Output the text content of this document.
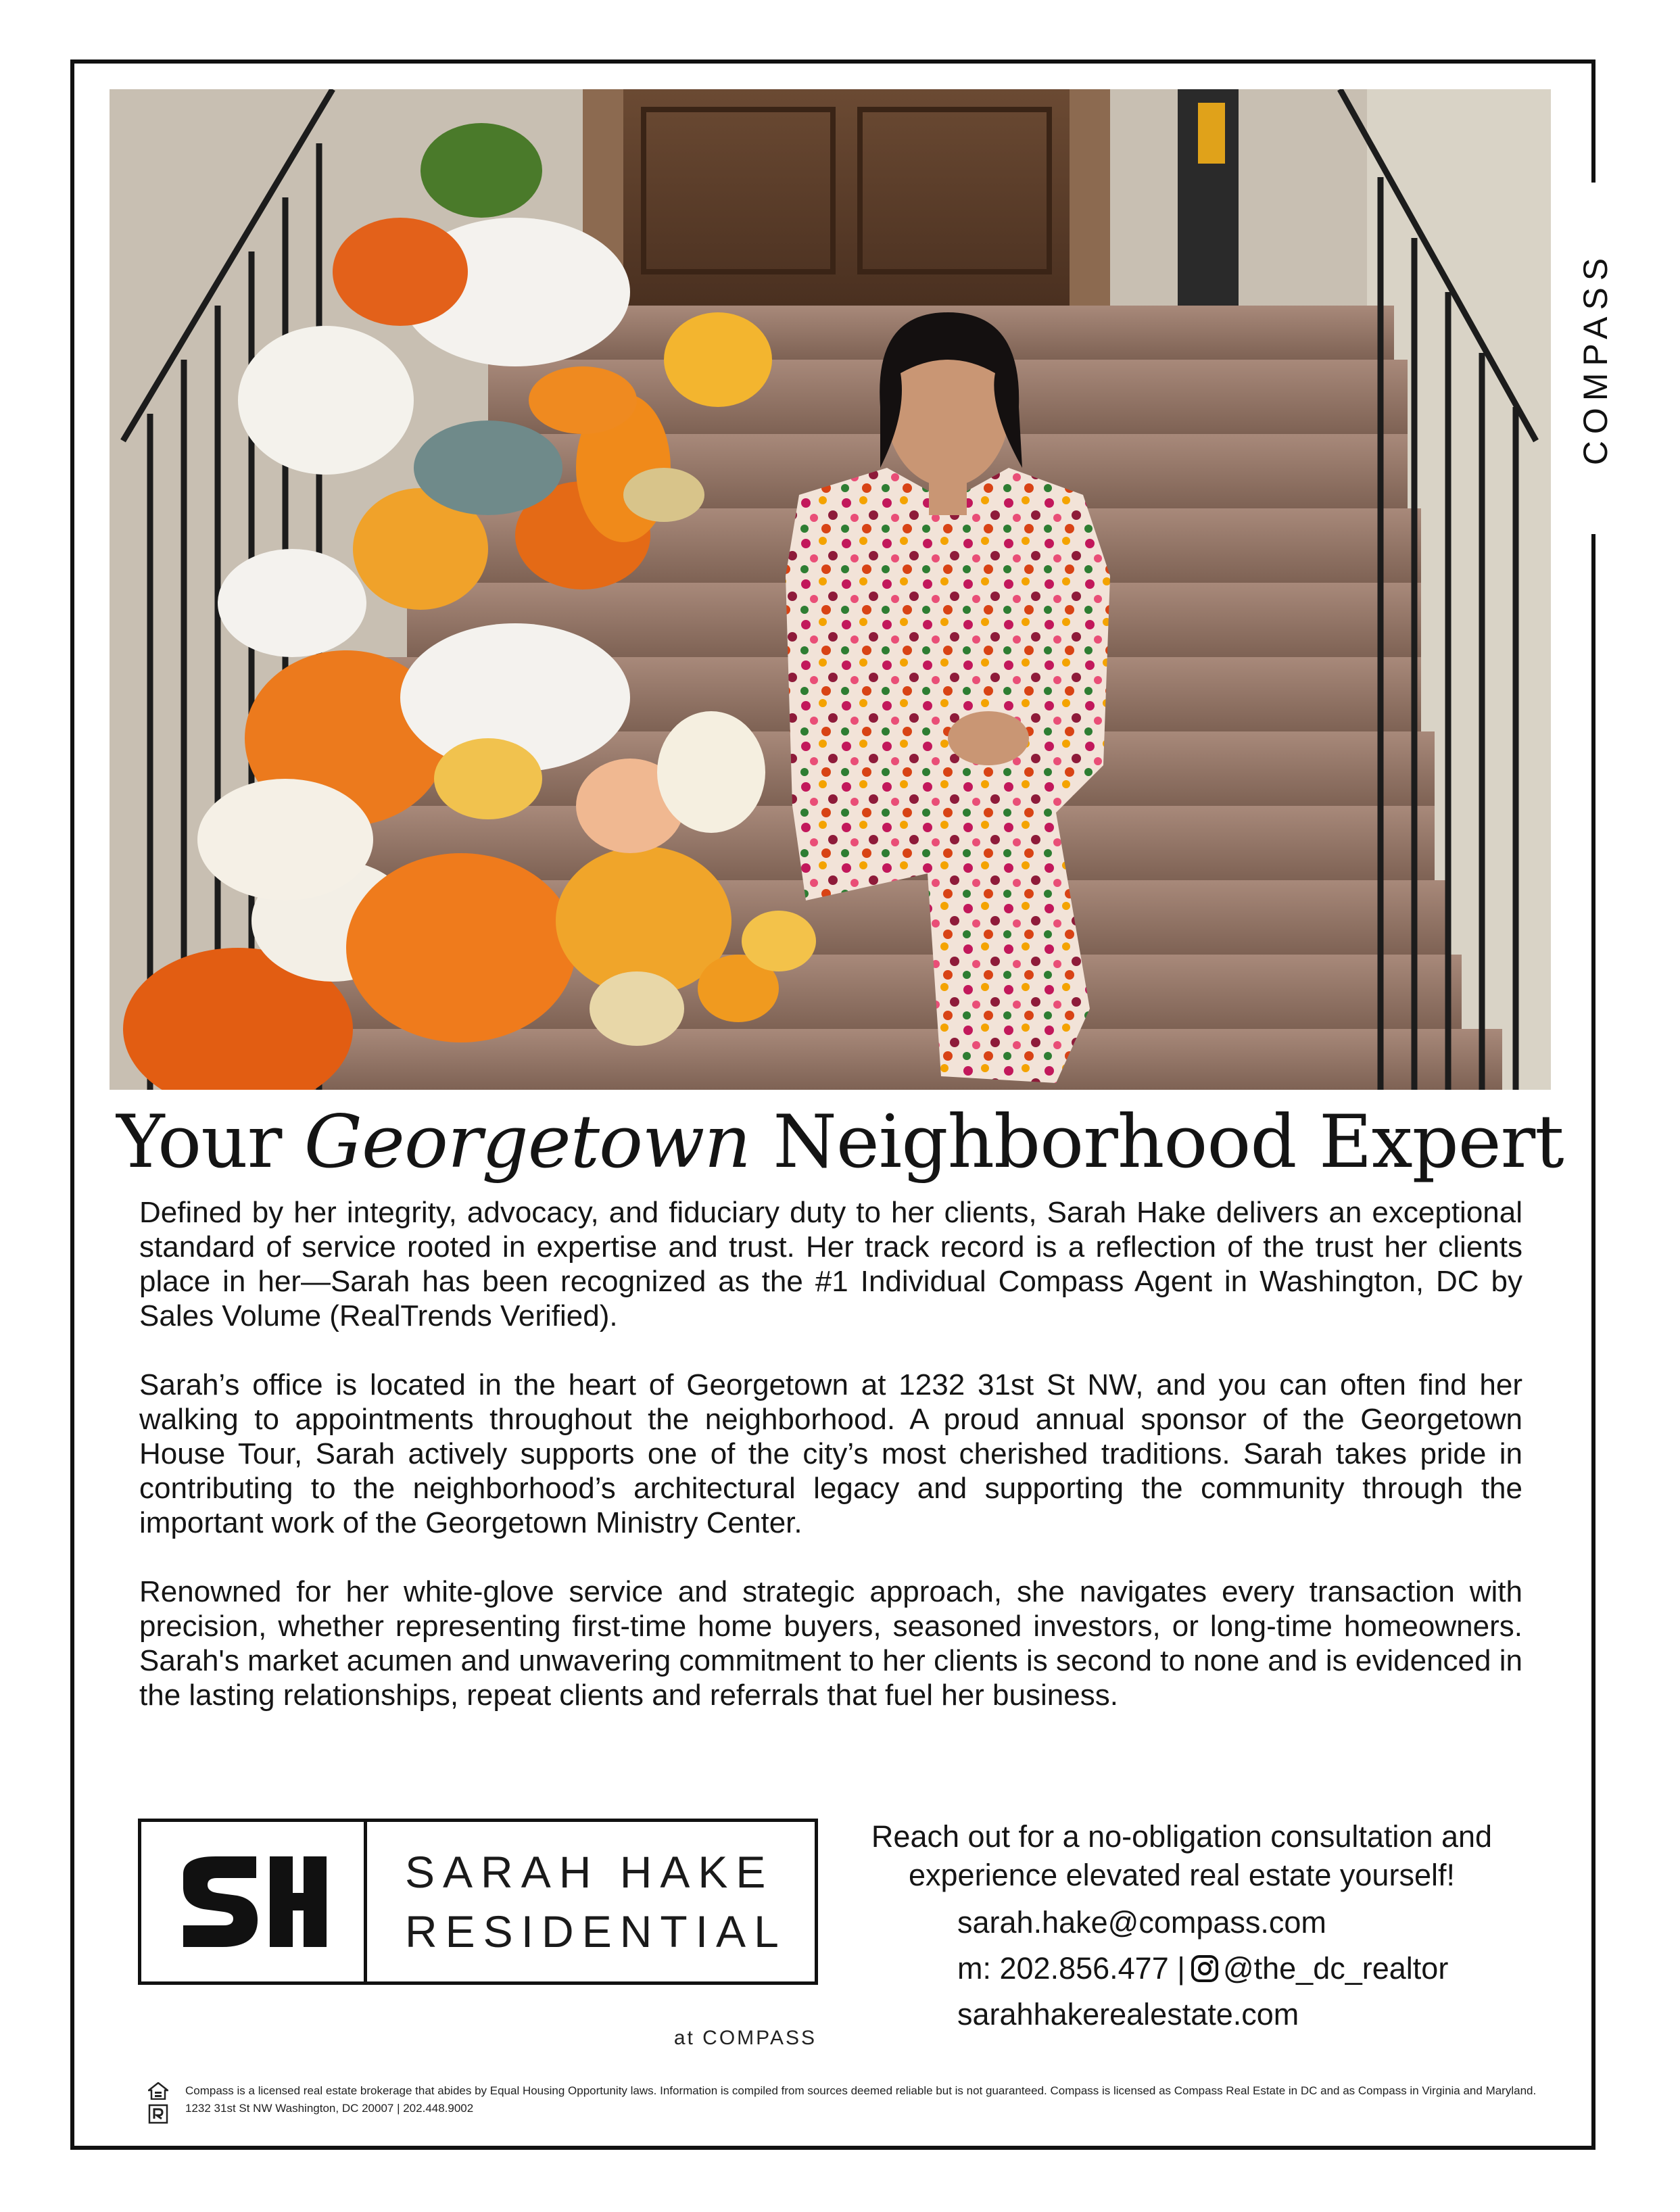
COMPASS
Your Georgetown Neighborhood Expert

Defined by her integrity, advocacy, and fiduciary duty to her clients, Sarah Hake delivers an exceptional standard of service rooted in expertise and trust. Her track record is a reflection of the trust her clients place in her—Sarah has been recognized as the #1 Individual Compass Agent in Washington, DC by Sales Volume (RealTrends Verified).

Sarah’s office is located in the heart of Georgetown at 1232 31st St NW, and you can often find her walking to appointments throughout the neighborhood. A proud annual sponsor of the Georgetown House Tour, Sarah actively supports one of the city’s most cherished traditions. Sarah takes pride in contributing to the neighborhood’s architectural legacy and supporting the community through the important work of the Georgetown Ministry Center.

Renowned for her white-glove service and strategic approach, she navigates every transaction with precision, whether representing first-time home buyers, seasoned investors, or long-time homeowners. Sarah's market acumen and unwavering commitment to her clients is second to none and is evidenced in the lasting relationships, repeat clients and referrals that fuel her business.

SARAH HAKE
RESIDENTIAL
at COMPASS
Reach out for a no-obligation consultation and experience elevated real estate yourself!
sarah.hake@compass.com
m: 202.856.477 | @the_dc_realtor
sarahhakerealestate.com
Compass is a licensed real estate brokerage that abides by Equal Housing Opportunity laws. Information is compiled from sources deemed reliable but is not guaranteed. Compass is licensed as Compass Real Estate in DC and as Compass in Virginia and Maryland. 1232 31st St NW Washington, DC 20007 | 202.448.9002
